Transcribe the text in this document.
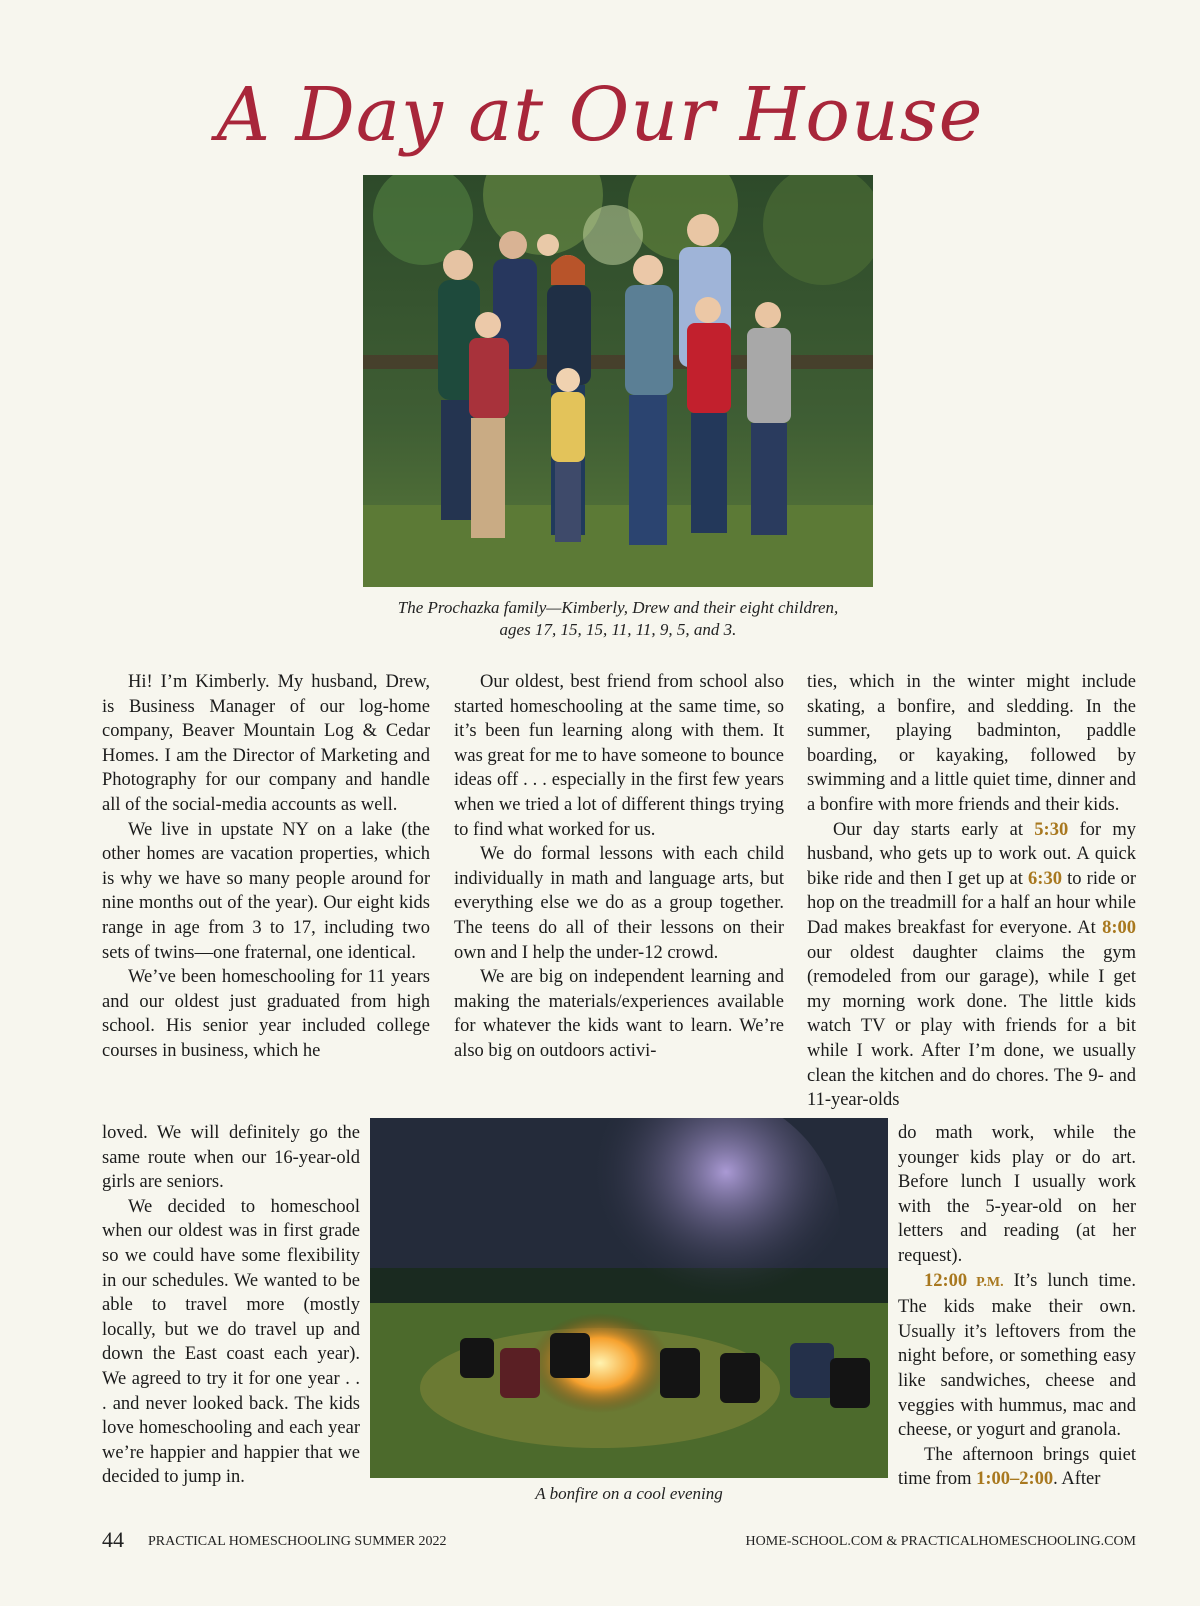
A Day at Our House
The Prochazka family—Kimberly, Drew and their eight children,
ages 17, 15, 15, 11, 11, 9, 5, and 3.
A bonfire on a cool evening

Hi! I’m Kimberly. My husband, Drew, is Business Manager of our log-home company, Beaver Mountain Log & Cedar Homes. I am the Director of Marketing and Photography for our company and handle all of the social-media accounts as well.

We live in upstate NY on a lake (the other homes are vacation properties, which is why we have so many people around for nine months out of the year). Our eight kids range in age from 3 to 17, including two sets of twins—one fraternal, one identical.

We’ve been homeschooling for 11 years and our oldest just graduated from high school. His senior year included college courses in business, which he

loved. We will definitely go the same route when our 16-year-old girls are seniors.

We decided to homeschool when our oldest was in first grade so we could have some flexibility in our schedules. We wanted to be able to travel more (mostly locally, but we do travel up and down the East coast each year). We agreed to try it for one year . . . and never looked back. The kids love homeschooling and each year we’re happier and happier that we decided to jump in.

Our oldest, best friend from school also started homeschooling at the same time, so it’s been fun learning along with them. It was great for me to have someone to bounce ideas off . . . especially in the first few years when we tried a lot of different things trying to find what worked for us.

We do formal lessons with each child individually in math and language arts, but everything else we do as a group together. The teens do all of their lessons on their own and I help the under-12 crowd.

We are big on independent learning and making the materials/experiences available for whatever the kids want to learn. We’re also big on outdoors activi-

ties, which in the winter might include skating, a bonfire, and sledding. In the summer, playing badminton, paddle boarding, or kayaking, followed by swimming and a little quiet time, dinner and a bonfire with more friends and their kids.

Our day starts early at 5:30 for my husband, who gets up to work out. A quick bike ride and then I get up at 6:30 to ride or hop on the treadmill for a half an hour while Dad makes breakfast for everyone. At 8:00 our oldest daughter claims the gym (remodeled from our garage), while I get my morning work done. The little kids watch TV or play with friends for a bit while I work. After I’m done, we usually clean the kitchen and do chores. The 9- and 11-year-olds

do math work, while the younger kids play or do art. Before lunch I usually work with the 5-year-old on her letters and reading (at her request).

12:00 P.M. It’s lunch time. The kids make their own. Usually it’s leftovers from the night before, or something easy like sandwiches, cheese and veggies with hummus, mac and cheese, or yogurt and granola.

The afternoon brings quiet time from 1:00–2:00. After

44 PRACTICAL HOMESCHOOLING SUMMER 2022	HOME-SCHOOL.COM & PRACTICALHOMESCHOOLING.COM
